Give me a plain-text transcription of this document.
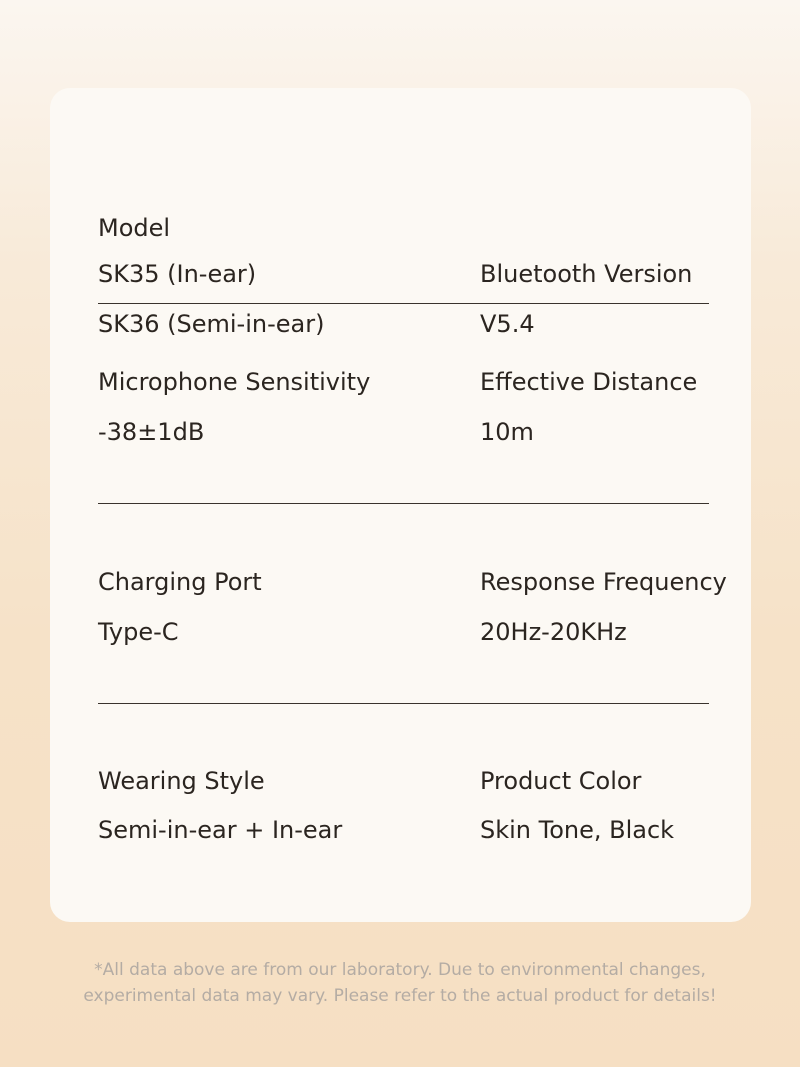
Model
SK35 (In-ear)	Bluetooth Version
SK36 (Semi-in-ear)	V5.4
Microphone Sensitivity	Effective Distance
-38±1dB	10m
Charging Port	Response Frequency
Type-C	20Hz-20KHz
Wearing Style	Product Color
Semi-in-ear + In-ear	Skin Tone, Black
*All data above are from our laboratory. Due to environmental changes,
experimental data may vary. Please refer to the actual product for details!
